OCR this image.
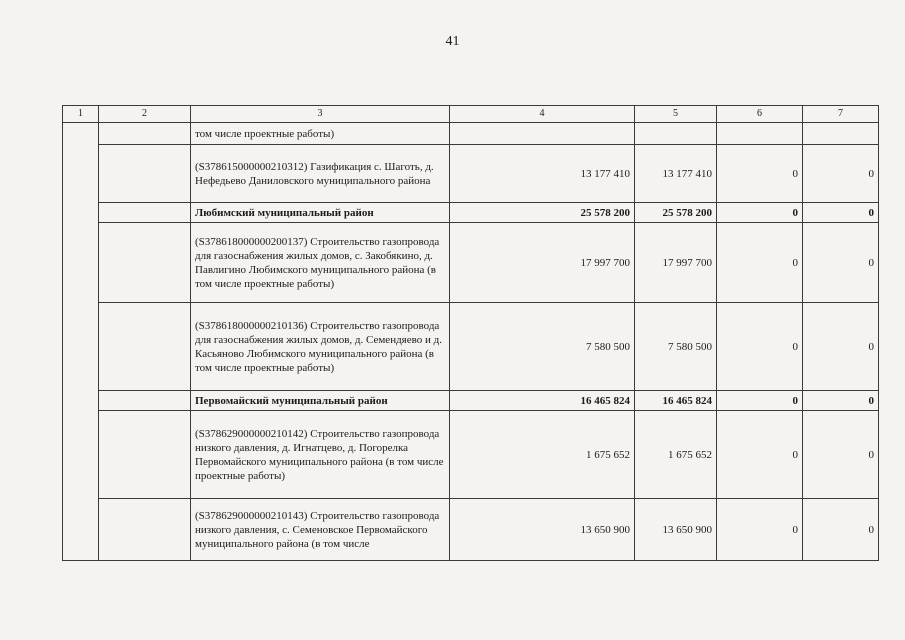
41
1	2	3	4	5	6	7
		том числе проектные работы)				
		(S378615000000210312) Газификация с. Шаготь, д. Нефедьево Даниловского муниципального района	13 177 410	13 177 410	0	0
		Любимский муниципальный район	25 578 200	25 578 200	0	0
		(S378618000000200137) Строительство газопровода для газоснабжения жилых домов, с. Закобякино, д. Павлигино Любимского муниципального района (в том числе проектные работы)	17 997 700	17 997 700	0	0
		(S378618000000210136) Строительство газопровода для газоснабжения жилых домов, д. Семендяево и д. Касьяново Любимского муниципального района (в том числе проектные работы)	7 580 500	7 580 500	0	0
		Первомайский муниципальный район	16 465 824	16 465 824	0	0
		(S378629000000210142) Строительство газопровода низкого давления, д. Игнатцево, д. Погорелка Первомайского муниципального района (в том числе проектные работы)	1 675 652	1 675 652	0	0
		(S378629000000210143) Строительство газопровода низкого давления, с. Семеновское Первомайского муниципального района (в том числе	13 650 900	13 650 900	0	0
